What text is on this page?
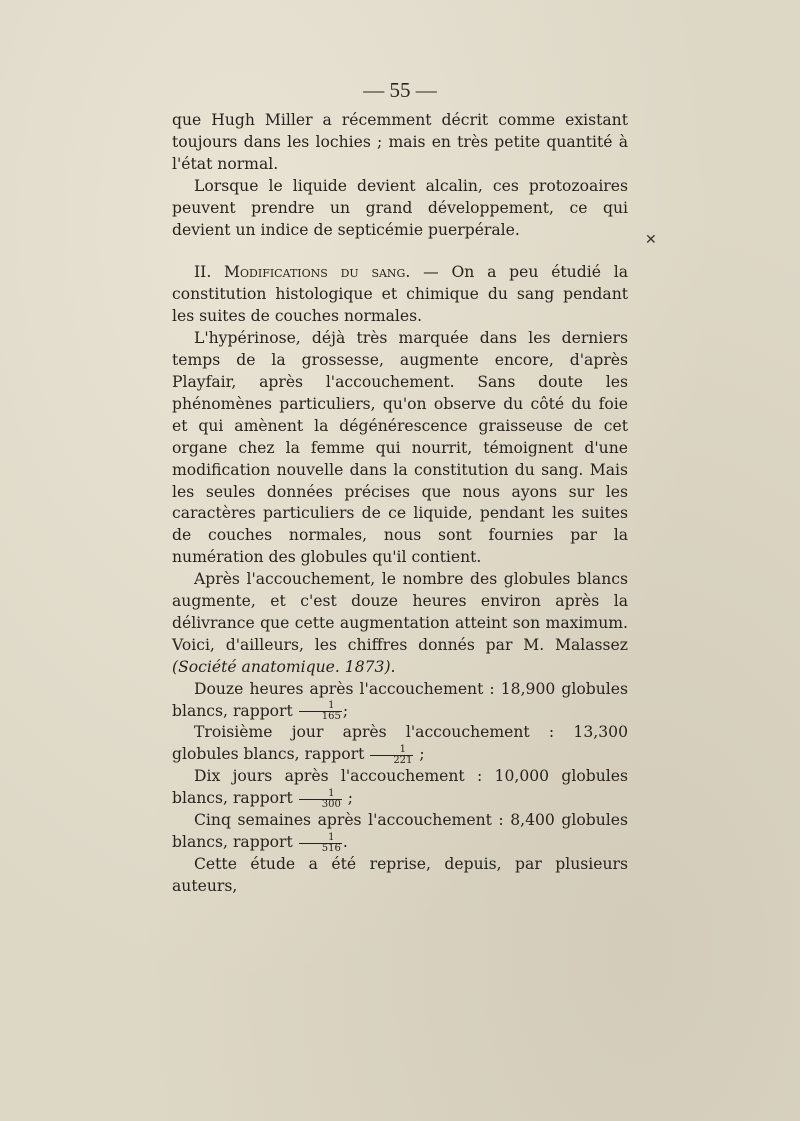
— 55 —

que Hugh Miller a récemment décrit comme existant toujours dans les lochies ; mais en très petite quantité à l'état normal.

Lorsque le liquide devient alcalin, ces protozoaires peuvent prendre un grand développement, ce qui devient un indice de septicémie puerpérale.

II. Modifications du sang. — On a peu étudié la constitution histologique et chimique du sang pendant les suites de couches normales.

L'hypérinose, déjà très marquée dans les derniers temps de la grossesse, augmente encore, d'après Playfair, après l'accouchement. Sans doute les phénomènes particuliers, qu'on observe du côté du foie et qui amènent la dégénérescence graisseuse de cet organe chez la femme qui nourrit, témoignent d'une modification nouvelle dans la constitution du sang. Mais les seules données précises que nous ayons sur les caractères particuliers de ce liquide, pendant les suites de couches normales, nous sont fournies par la numération des globules qu'il contient.

Après l'accouchement, le nombre des globules blancs augmente, et c'est douze heures environ après la délivrance que cette augmentation atteint son maximum. Voici, d'ailleurs, les chiffres donnés par M. Malassez (Société anatomique. 1873).

Douze heures après l'accouchement : 18,900 globules blancs, rapport $\frac{1}{165}$ ;

Troisième jour après l'accouchement : 13,300 globules blancs, rapport $\frac{1}{221}$ ;

Dix jours après l'accouchement : 10,000 globules blancs, rapport $\frac{1}{300}$ ;

Cinq semaines après l'accouchement : 8,400 globules blancs, rapport $\frac{1}{516}$ .

Cette étude a été reprise, depuis, par plusieurs auteurs,

✕
